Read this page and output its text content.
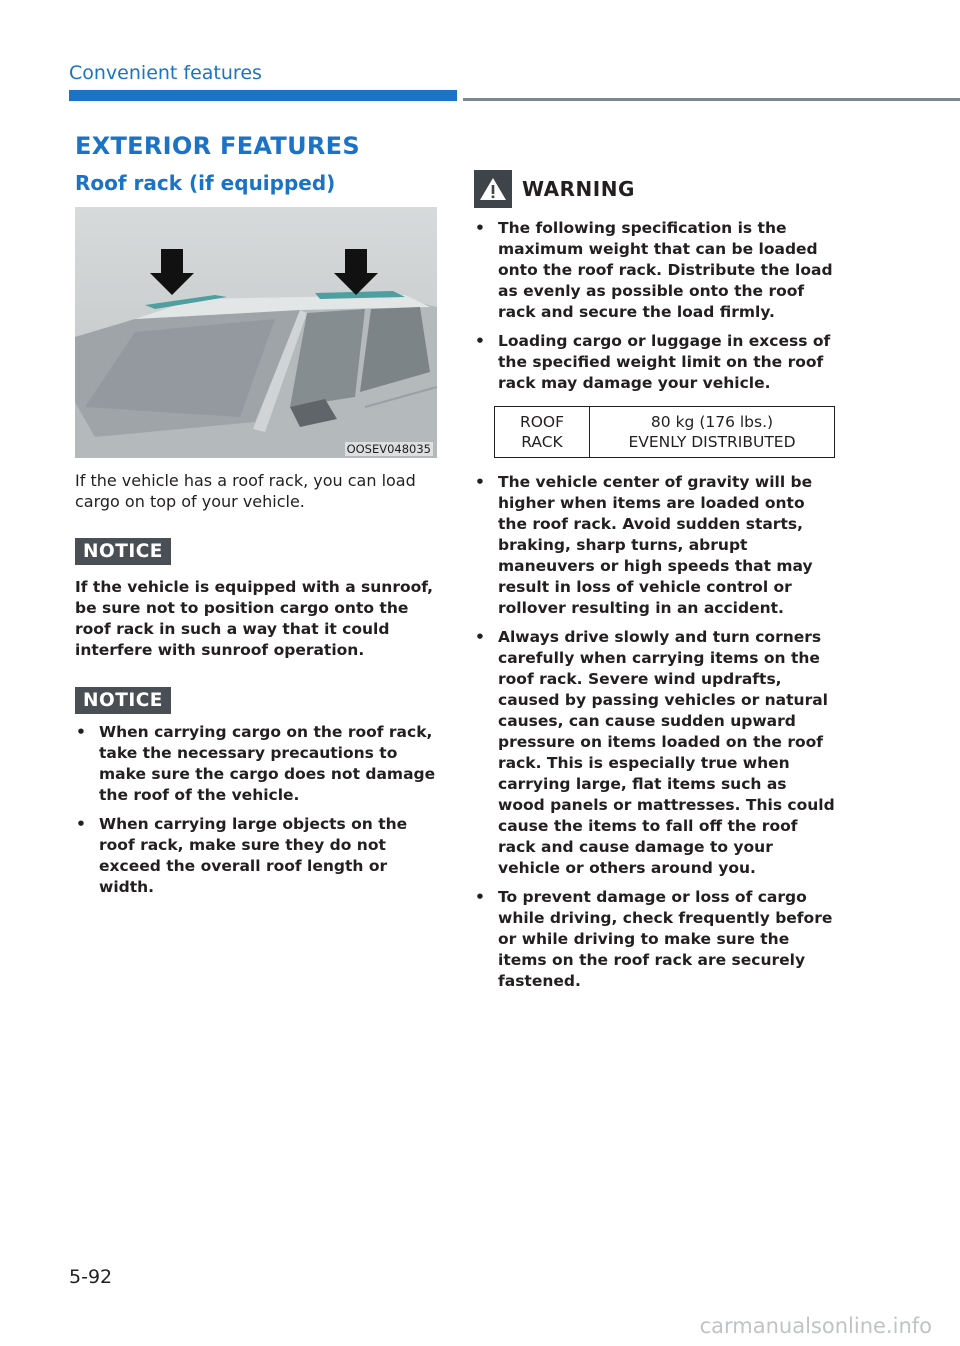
Convenient features
EXTERIOR FEATURES
Roof rack (if equipped)
OOSEV048035

If the vehicle has a roof rack, you can load cargo on top of your vehicle.

NOTICE

If the vehicle is equipped with a sunroof, be sure not to position cargo onto the roof rack in such a way that it could interfere with sunroof operation.

NOTICE
• When carrying cargo on the roof rack, take the necessary precautions to make sure the cargo does not damage the roof of the vehicle.
• When carrying large objects on the roof rack, make sure they do not exceed the overall roof length or width.
WARNING
• The following specification is the maximum weight that can be loaded onto the roof rack. Distribute the load as evenly as possible onto the roof rack and secure the load firmly.
• Loading cargo or luggage in excess of the specified weight limit on the roof rack may damage your vehicle.
ROOF
RACK

80 kg (176 lbs.)
EVENLY DISTRIBUTED
• The vehicle center of gravity will be higher when items are loaded onto the roof rack. Avoid sudden starts, braking, sharp turns, abrupt maneuvers or high speeds that may result in loss of vehicle control or rollover resulting in an accident.
• Always drive slowly and turn corners carefully when carrying items on the roof rack. Severe wind updrafts, caused by passing vehicles or natural causes, can cause sudden upward pressure on items loaded on the roof rack. This is especially true when carrying large, flat items such as wood panels or mattresses. This could cause the items to fall off the roof rack and cause damage to your vehicle or others around you.
• To prevent damage or loss of cargo while driving, check frequently before or while driving to make sure the items on the roof rack are securely fastened.
5-92
carmanualsonline.info
